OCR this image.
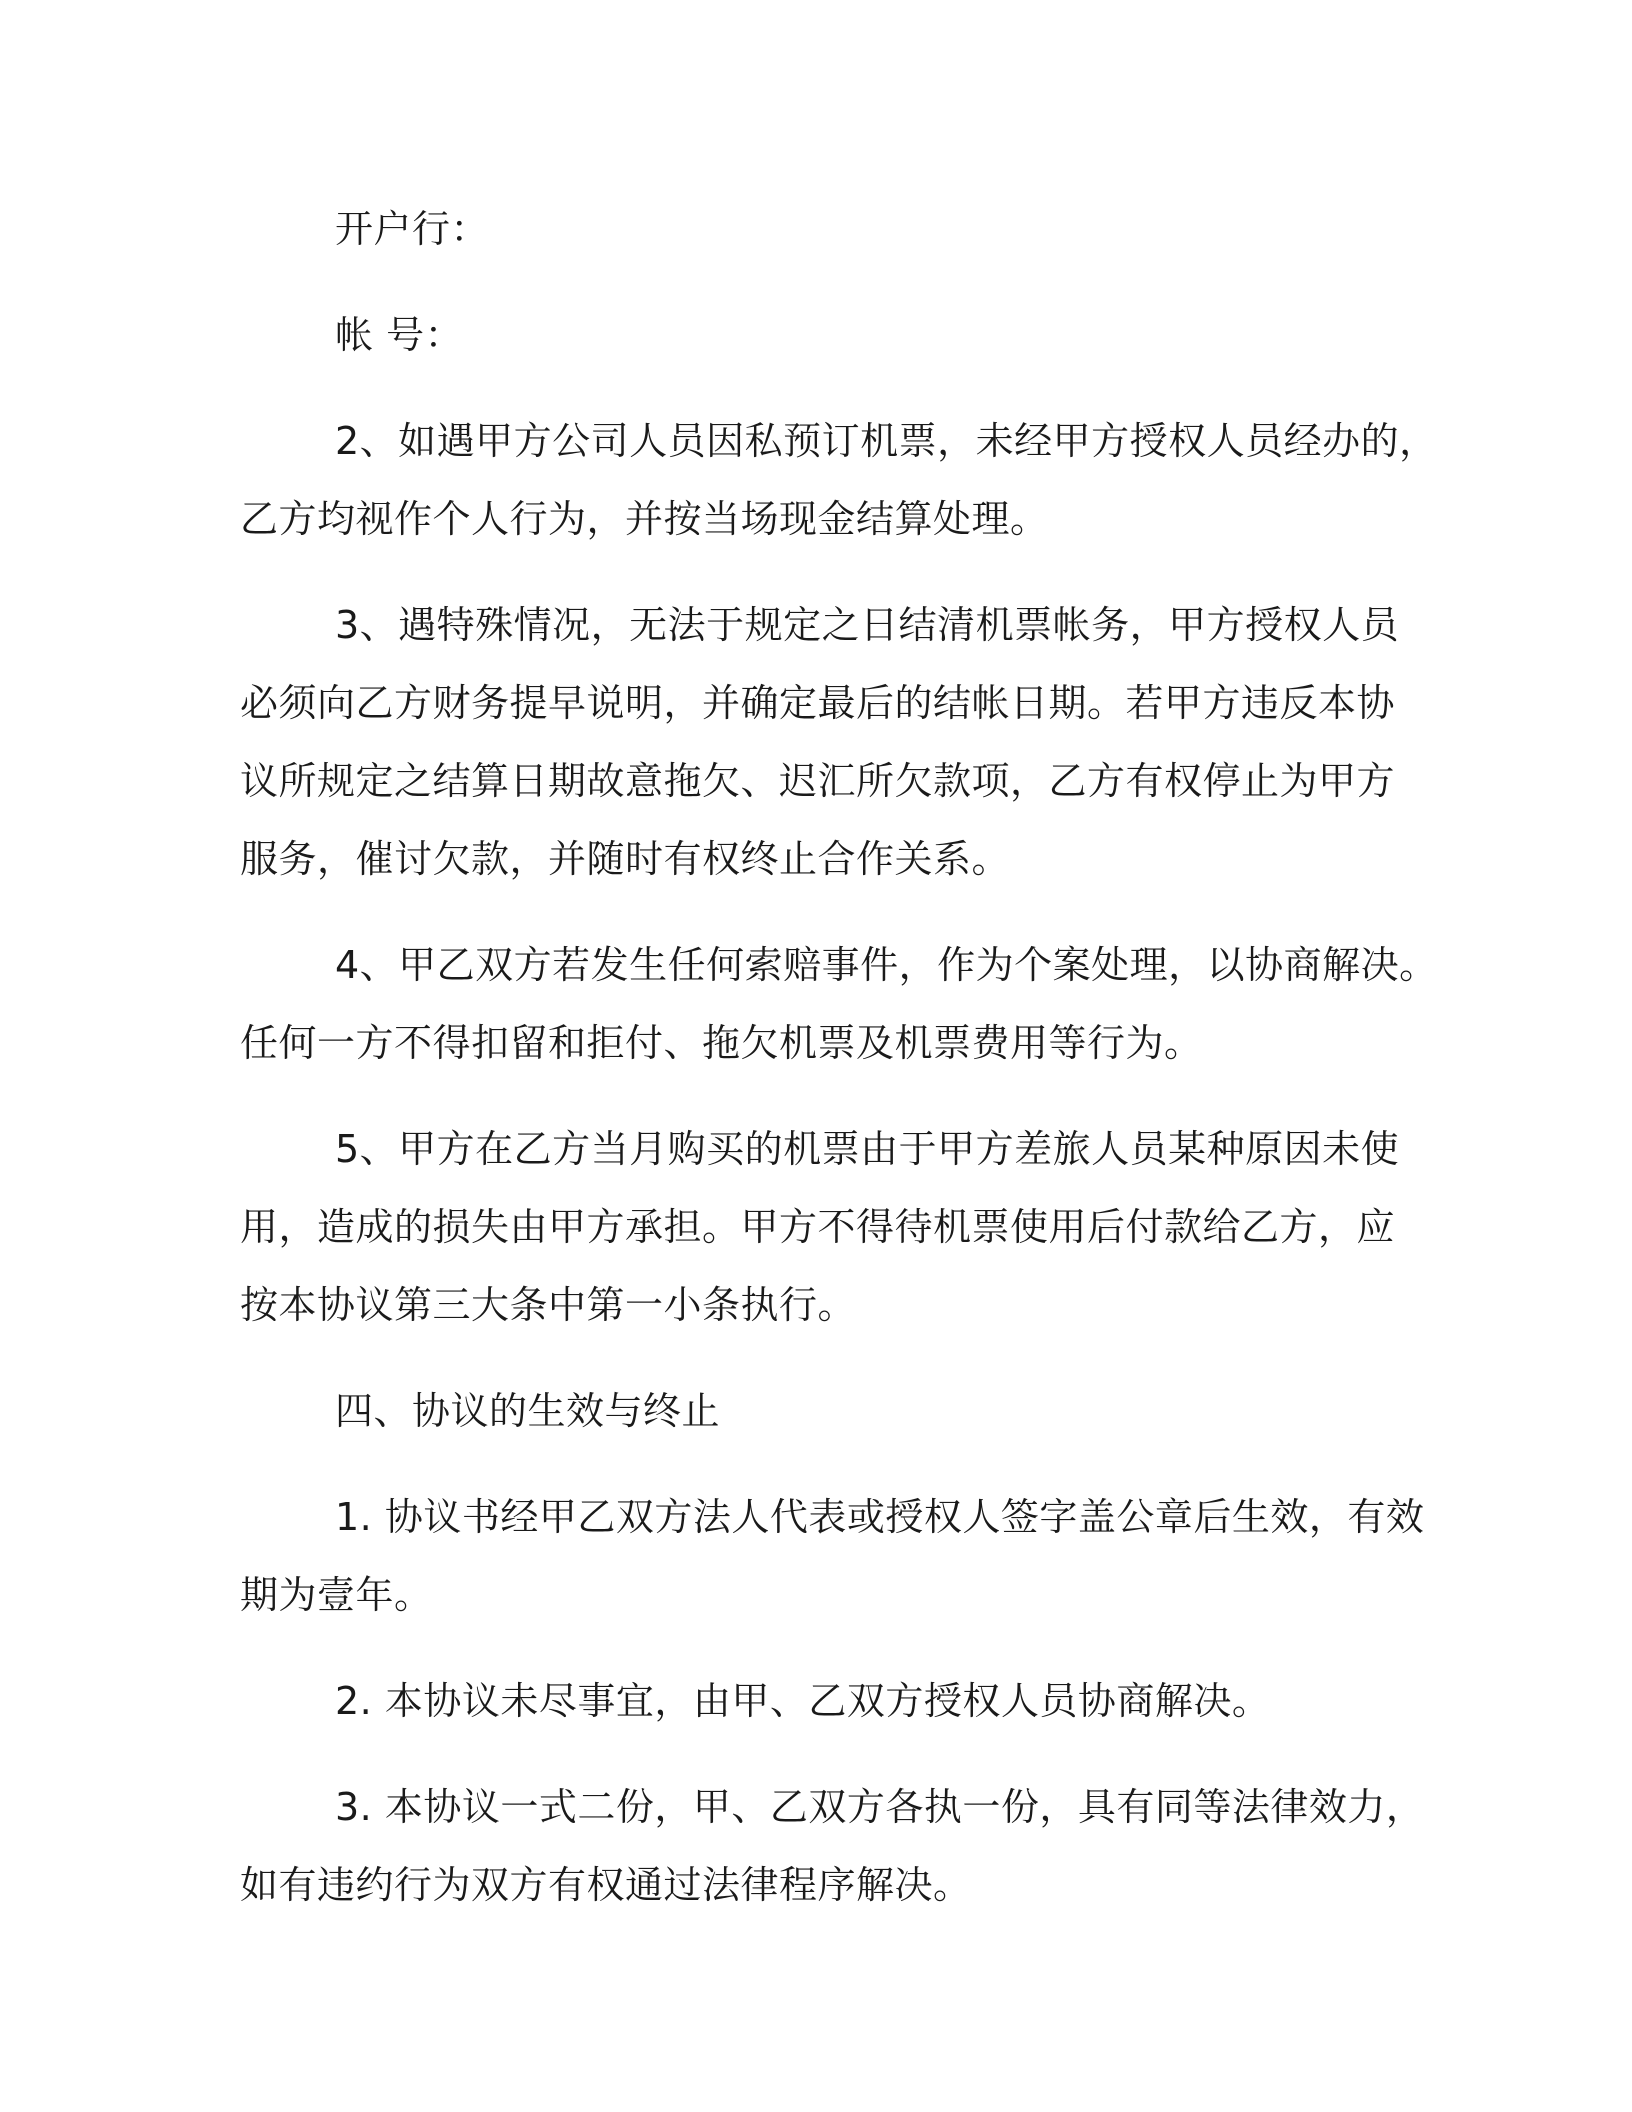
开户行：
帐 号：
2、如遇甲方公司人员因私预订机票，未经甲方授权人员经办的，
乙方均视作个人行为，并按当场现金结算处理。
3、遇特殊情况，无法于规定之日结清机票帐务，甲方授权人员
必须向乙方财务提早说明，并确定最后的结帐日期。若甲方违反本协
议所规定之结算日期故意拖欠、迟汇所欠款项，乙方有权停止为甲方
服务，催讨欠款，并随时有权终止合作关系。
4、甲乙双方若发生任何索赔事件，作为个案处理，以协商解决。
任何一方不得扣留和拒付、拖欠机票及机票费用等行为。
5、甲方在乙方当月购买的机票由于甲方差旅人员某种原因未使
用，造成的损失由甲方承担。甲方不得待机票使用后付款给乙方，应
按本协议第三大条中第一小条执行。
四、协议的生效与终止
1. 协议书经甲乙双方法人代表或授权人签字盖公章后生效，有效
期为壹年。
2. 本协议未尽事宜，由甲、乙双方授权人员协商解决。
3. 本协议一式二份，甲、乙双方各执一份，具有同等法律效力，
如有违约行为双方有权通过法律程序解决。
